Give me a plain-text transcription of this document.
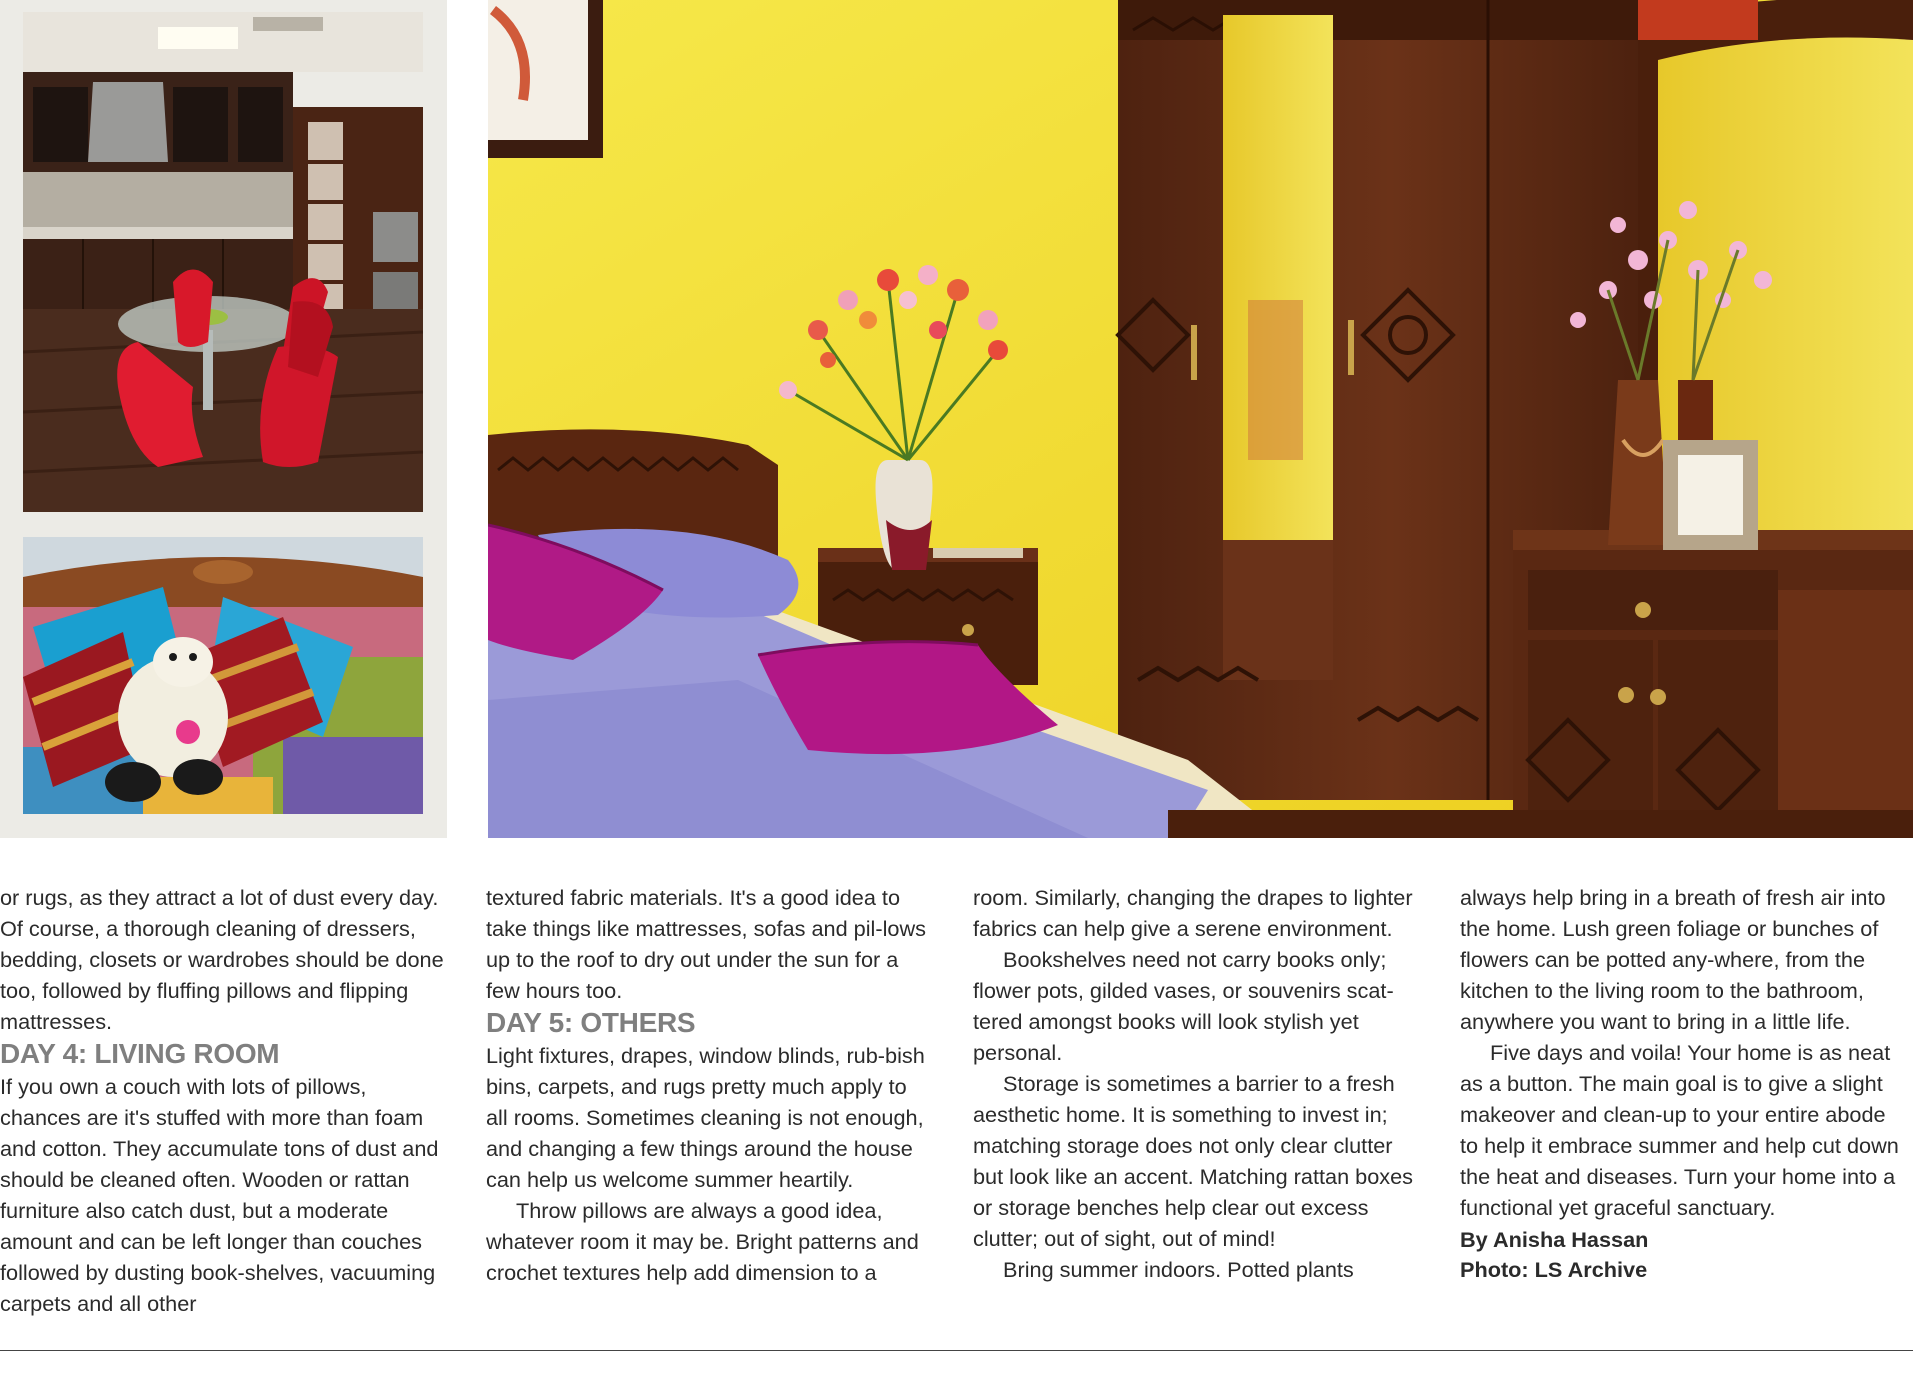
or rugs, as they attract a lot of dust every day. Of course, a thorough cleaning of dressers, bedding, closets or wardrobes should be done too, followed by fluffing pillows and flipping mattresses.

DAY 4: LIVING ROOM

If you own a couch with lots of pillows, chances are it's stuffed with more than foam and cotton. They accumulate tons of dust and should be cleaned often. Wooden or rattan furniture also catch dust, but a moderate amount and can be left longer than couches followed by dusting book-shelves, vacuuming carpets and all other

textured fabric materials. It's a good idea to take things like mattresses, sofas and pil-lows up to the roof to dry out under the sun for a few hours too.

DAY 5: OTHERS

Light fixtures, drapes, window blinds, rub-bish bins, carpets, and rugs pretty much apply to all rooms. Sometimes cleaning is not enough, and changing a few things around the house can help us welcome summer heartily.

Throw pillows are always a good idea, whatever room it may be. Bright patterns and crochet textures help add dimension to a

room. Similarly, changing the drapes to lighter fabrics can help give a serene environment.

Bookshelves need not carry books only; flower pots, gilded vases, or souvenirs scat-tered amongst books will look stylish yet personal.

Storage is sometimes a barrier to a fresh aesthetic home. It is something to invest in; matching storage does not only clear clutter but look like an accent. Matching rattan boxes or storage benches help clear out excess clutter; out of sight, out of mind!

Bring summer indoors. Potted plants

always help bring in a breath of fresh air into the home. Lush green foliage or bunches of flowers can be potted any-where, from the kitchen to the living room to the bathroom, anywhere you want to bring in a little life.

Five days and voila! Your home is as neat as a button. The main goal is to give a slight makeover and clean-up to your entire abode to help it embrace summer and help cut down the heat and diseases. Turn your home into a functional yet graceful sanctuary.

By Anisha Hassan
Photo: LS Archive
